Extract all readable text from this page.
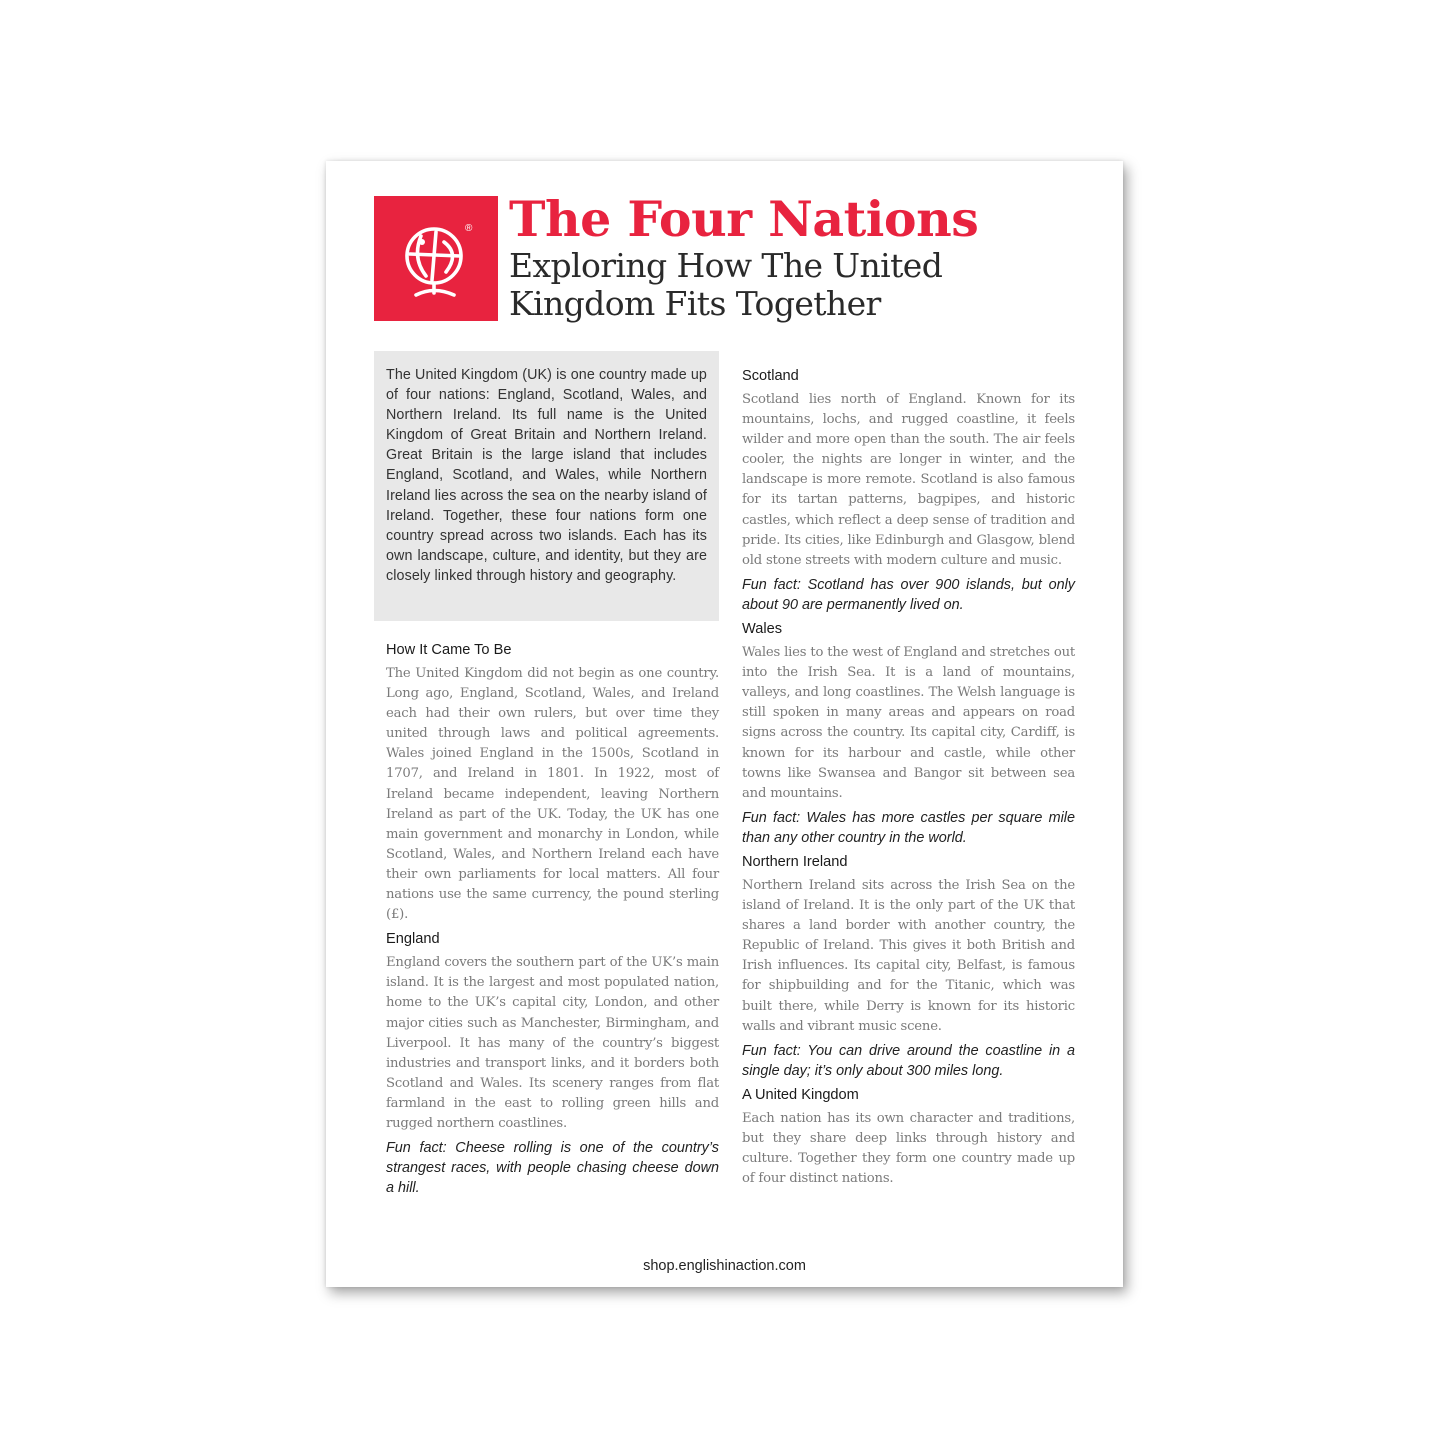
® The Four Nations
Exploring How The United Kingdom Fits Together

The United Kingdom (UK) is one country made up of four nations: England, Scotland, Wales, and Northern Ireland. Its full name is the United Kingdom of Great Britain and Northern Ireland. Great Britain is the large island that includes England, Scotland, and Wales, while Northern Ireland lies across the sea on the nearby island of Ireland. Together, these four nations form one country spread across two islands. Each has its own landscape, culture, and identity, but they are closely linked through history and geography.

How It Came To Be

The United Kingdom did not begin as one country. Long ago, England, Scotland, Wales, and Ireland each had their own rulers, but over time they united through laws and political agreements. Wales joined England in the 1500s, Scotland in 1707, and Ireland in 1801. In 1922, most of Ireland became independent, leaving Northern Ireland as part of the UK. Today, the UK has one main government and monarchy in London, while Scotland, Wales, and Northern Ireland each have their own parliaments for local matters. All four nations use the same currency, the pound sterling (£).

England

England covers the southern part of the UK’s main island. It is the largest and most populated nation, home to the UK’s capital city, London, and other major cities such as Manchester, Birmingham, and Liverpool. It has many of the country’s biggest industries and transport links, and it borders both Scotland and Wales. Its scenery ranges from flat farmland in the east to rolling green hills and rugged northern coastlines.

Fun fact: Cheese rolling is one of the country’s strangest races, with people chasing cheese down a hill.

Scotland

Scotland lies north of England. Known for its mountains, lochs, and rugged coastline, it feels wilder and more open than the south. The air feels cooler, the nights are longer in winter, and the landscape is more remote. Scotland is also famous for its tartan patterns, bagpipes, and historic castles, which reflect a deep sense of tradition and pride. Its cities, like Edinburgh and Glasgow, blend old stone streets with modern culture and music.

Fun fact: Scotland has over 900 islands, but only about 90 are permanently lived on.

Wales

Wales lies to the west of England and stretches out into the Irish Sea. It is a land of mountains, valleys, and long coastlines. The Welsh language is still spoken in many areas and appears on road signs across the country. Its capital city, Cardiff, is known for its harbour and castle, while other towns like Swansea and Bangor sit between sea and mountains.

Fun fact: Wales has more castles per square mile than any other country in the world.

Northern Ireland

Northern Ireland sits across the Irish Sea on the island of Ireland. It is the only part of the UK that shares a land border with another country, the Republic of Ireland. This gives it both British and Irish influences. Its capital city, Belfast, is famous for shipbuilding and for the Titanic, which was built there, while Derry is known for its historic walls and vibrant music scene.

Fun fact: You can drive around the coastline in a single day; it’s only about 300 miles long.

A United Kingdom

Each nation has its own character and traditions, but they share deep links through history and culture. Together they form one country made up of four distinct nations.

shop.englishinaction.com
